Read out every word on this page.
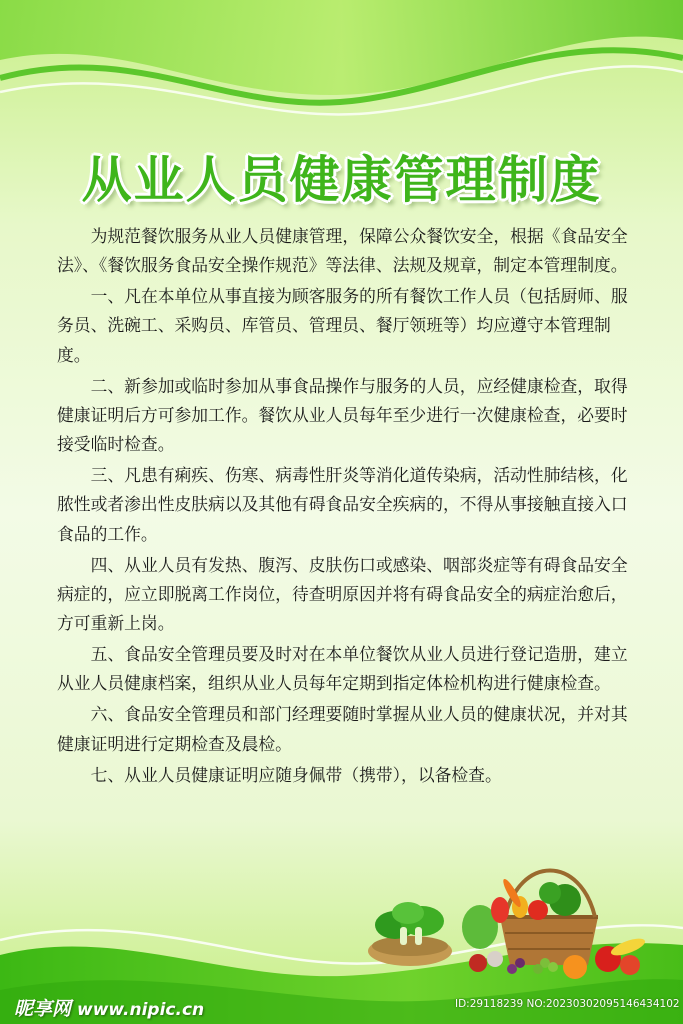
从业人员健康管理制度

为规范餐饮服务从业人员健康管理，保障公众餐饮安全，根据《食品安全法》、《餐饮服务食品安全操作规范》等法律、法规及规章，制定本管理制度。

一、凡在本单位从事直接为顾客服务的所有餐饮工作人员（包括厨师、服务员、洗碗工、采购员、库管员、管理员、餐厅领班等）均应遵守本管理制度。

二、新参加或临时参加从事食品操作与服务的人员，应经健康检查，取得健康证明后方可参加工作。餐饮从业人员每年至少进行一次健康检查，必要时接受临时检查。

三、凡患有痢疾、伤寒、病毒性肝炎等消化道传染病，活动性肺结核，化脓性或者渗出性皮肤病以及其他有碍食品安全疾病的，不得从事接触直接入口食品的工作。

四、从业人员有发热、腹泻、皮肤伤口或感染、咽部炎症等有碍食品安全病症的，应立即脱离工作岗位，待查明原因并将有碍食品安全的病症治愈后，方可重新上岗。

五、食品安全管理员要及时对在本单位餐饮从业人员进行登记造册，建立从业人员健康档案，组织从业人员每年定期到指定体检机构进行健康检查。

六、食品安全管理员和部门经理要随时掌握从业人员的健康状况，并对其健康证明进行定期检查及晨检。

七、从业人员健康证明应随身佩带（携带），以备检查。

昵享网 www.nipic.cn	ID:29118239 NO:20230302095146434102
